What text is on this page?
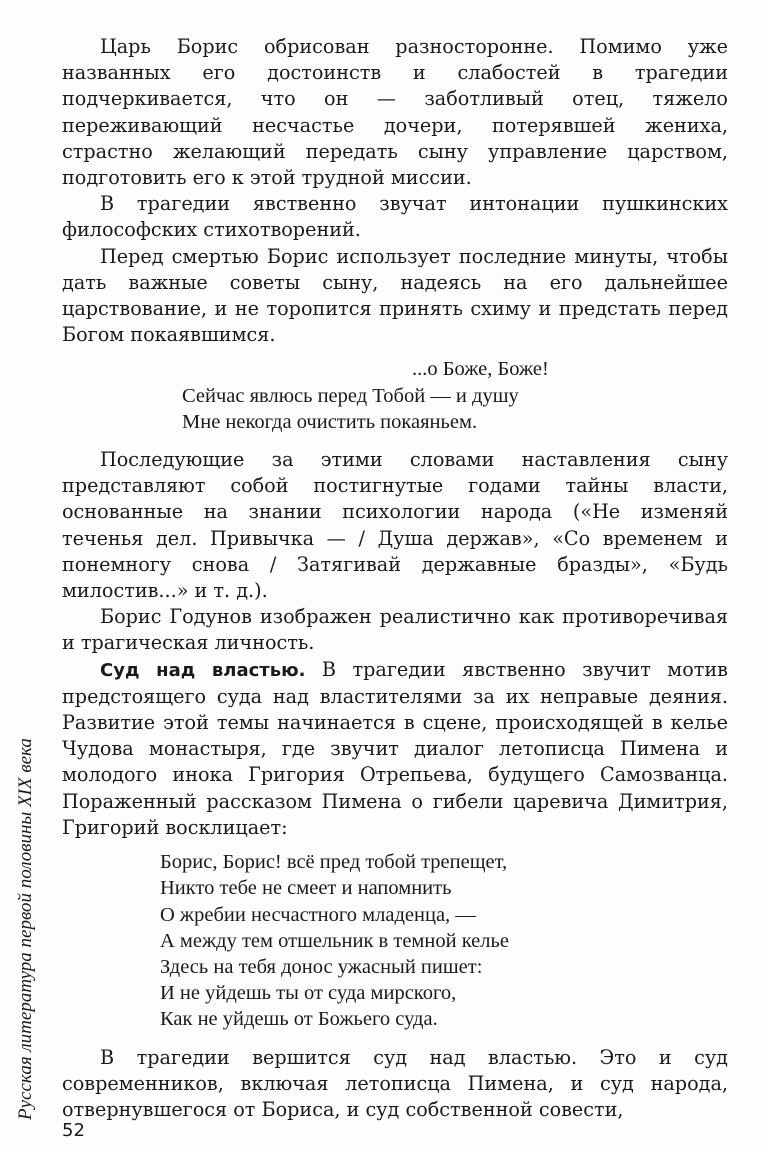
Царь Борис обрисован разносторонне. Помимо уже названных его достоинств и слабостей в трагедии подчеркивается, что он — заботливый отец, тяжело переживающий несчастье дочери, потерявшей жениха, страстно желающий передать сыну управление царством, подготовить его к этой трудной миссии.

В трагедии явственно звучат интонации пушкинских философских стихотворений.

Перед смертью Борис использует последние минуты, чтобы дать важные советы сыну, надеясь на его дальнейшее царствование, и не торопится принять схиму и предстать перед Богом покаявшимся.

...о Боже, Боже!
Сейчас явлюсь перед Тобой — и душу
Мне некогда очистить покаяньем.

Последующие за этими словами наставления сыну представляют собой постигнутые годами тайны власти, основанные на знании психологии народа («Не изменяй теченья дел. Привычка — / Душа держав», «Со временем и понемногу снова / Затягивай державные бразды», «Будь милостив...» и т. д.).

Борис Годунов изображен реалистично как противоречивая и трагическая личность.

Суд над властью. В трагедии явственно звучит мотив предстоящего суда над властителями за их неправые деяния. Развитие этой темы начинается в сцене, происходящей в келье Чудова монастыря, где звучит диалог летописца Пимена и молодого инока Григория Отрепьева, будущего Самозванца. Пораженный рассказом Пимена о гибели царевича Димитрия, Григорий восклицает:

Борис, Борис! всё пред тобой трепещет,
Никто тебе не смеет и напомнить
О жребии несчастного младенца, —
А между тем отшельник в темной келье
Здесь на тебя донос ужасный пишет:
И не уйдешь ты от суда мирского,
Как не уйдешь от Божьего суда.

В трагедии вершится суд над властью. Это и суд современников, включая летописца Пимена, и суд народа, отвернувшегося от Бориса, и суд собственной совести,

Русская литература первой половины XIX века
52
